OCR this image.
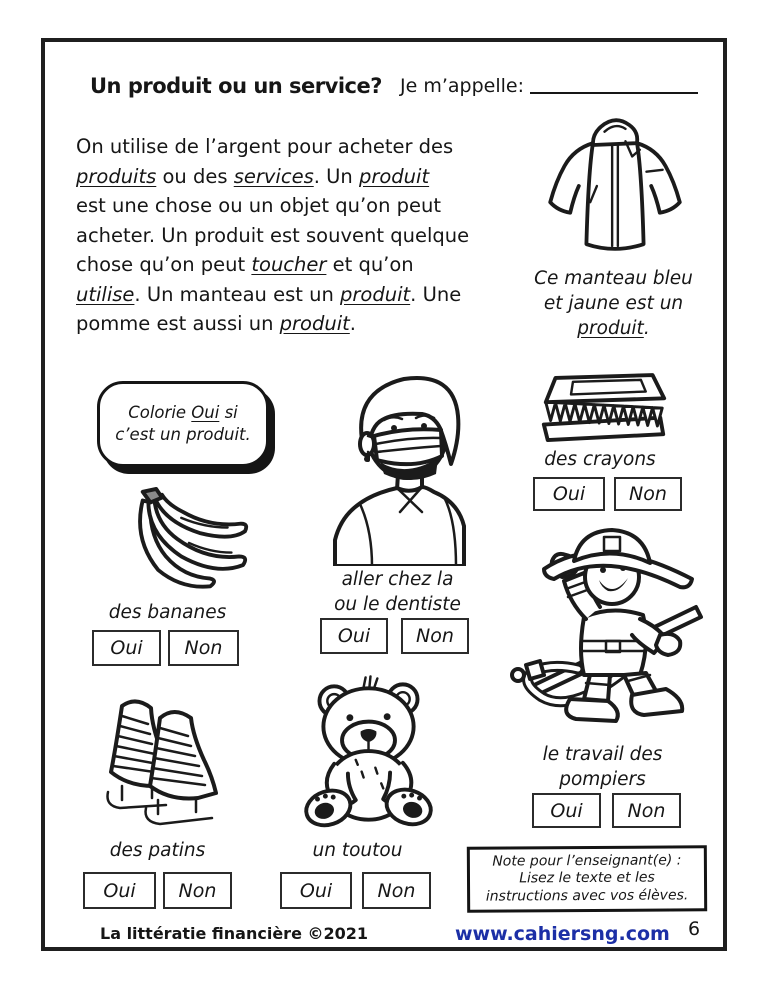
Un produit ou un service? Je m’appelle:
On utilise de l’argent pour acheter des
produits ou des services. Un produit
est une chose ou un objet qu’on peut
acheter. Un produit est souvent quelque
chose qu’on peut toucher et qu’on
utilise. Un manteau est un produit. Une
pomme est aussi un produit.
Ce manteau bleu
et jaune est un
produit.
Colorie Oui si
c’est un produit.
aller chez la
ou le dentiste
Oui	Non
des crayons
Oui	Non
des bananes
Oui	Non
le travail des
pompiers
Oui	Non
des patins
Oui	Non
un toutou
Oui	Non
Note pour l’enseignant(e) :
Lisez le texte et les
instructions avec vos élèves.
La littératie financière ©2021	www.cahiersng.com 6
